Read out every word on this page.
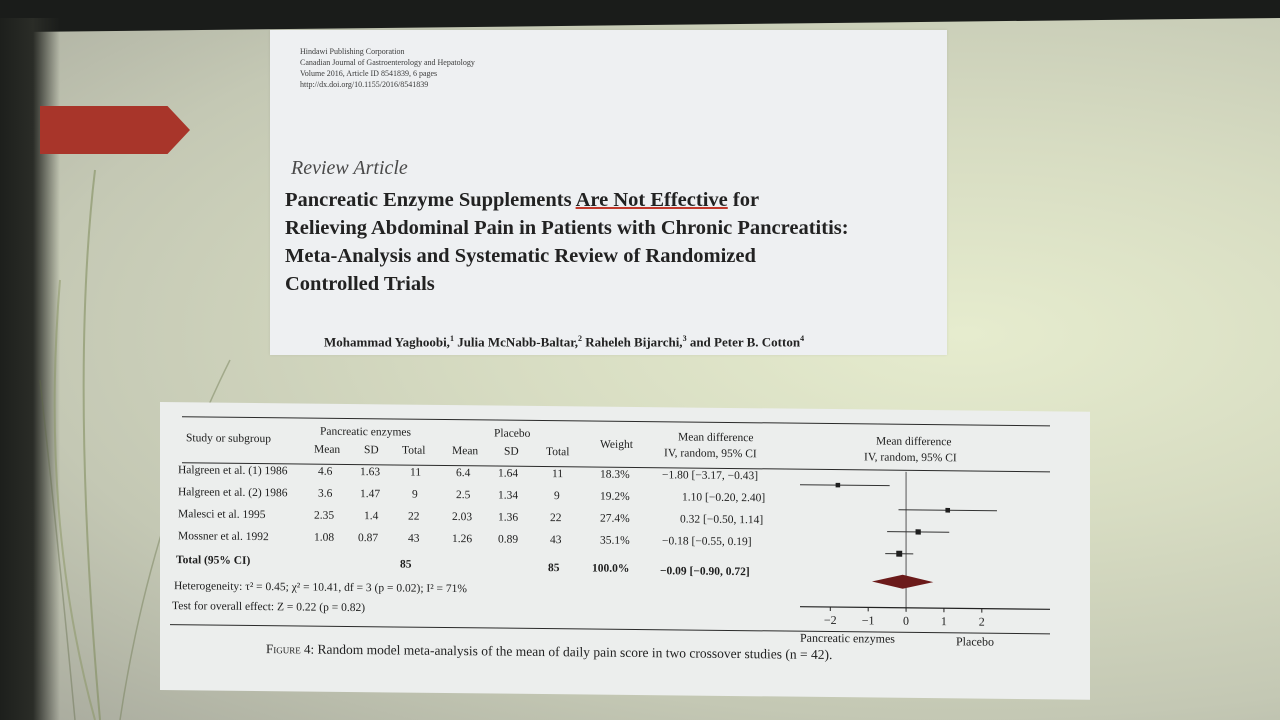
Hindawi Publishing Corporation
Canadian Journal of Gastroenterology and Hepatology
Volume 2016, Article ID 8541839, 6 pages
http://dx.doi.org/10.1155/2016/8541839
Review Article
Pancreatic Enzyme Supplements Are Not Effective for
Relieving Abdominal Pain in Patients with Chronic Pancreatitis:
Meta-Analysis and Systematic Review of Randomized
Controlled Trials
Mohammad Yaghoobi,$^1$ Julia McNabb-Baltar,$^2$ Raheleh Bijarchi,$^3$ and Peter B. Cotton$^4$
Study or subgroup
Pancreatic enzymes	Placebo
Mean SD Total Mean SD Total
Weight
Mean difference
IV, random, 95% CI
Mean difference
IV, random, 95% CI
Halgreen et al. (1) 1986	4.6 1.63	11	6.4 1.64	11	18.3%	−1.80 [−3.17, −0.43]
Halgreen et al. (2) 1986	3.6 1.47	9	2.5 1.34	9	19.2%	1.10 [−0.20, 2.40]
Malesci et al. 1995	2.35	1.4	22	2.03 1.36	22	27.4%	0.32 [−0.50, 1.14]
Mossner et al. 1992	1.08 0.87	43	1.26 0.89	43	35.1%	−0.18 [−0.55, 0.19]
Total (95% CI)	85	85	100.0%	−0.09 [−0.90, 0.72]
Heterogeneity: τ² = 0.45; χ² = 10.41, df = 3 (p = 0.02); I² = 71%
Test for overall effect: Z = 0.22 (p = 0.82)
−2 −1 0	1	2
Pancreatic enzymes	Placebo
Figure 4: Random model meta-analysis of the mean of daily pain score in two crossover studies (n = 42).
